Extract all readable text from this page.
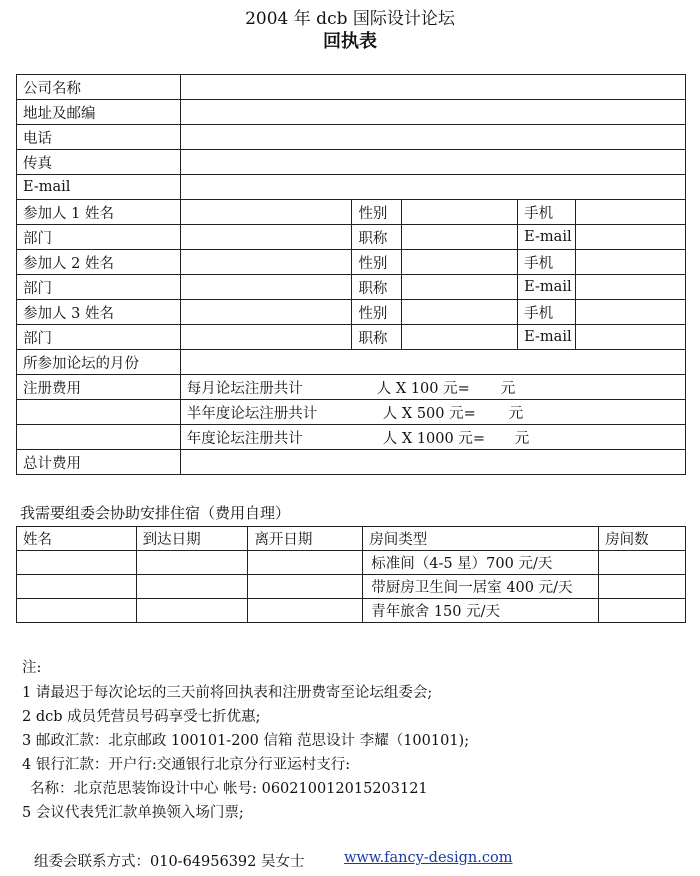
2004 年 dcb 国际设计论坛
回执表
公司名称					
地址及邮编					
电话					
传真					
E-mail					
参加人 1 姓名		性别		手机	
部门		职称		E-mail	
参加人 2 姓名		性别		手机	
部门		职称		E-mail	
参加人 3 姓名		性别		手机	
部门		职称		E-mail	
所参加论坛的月份					
注册费用	每月论坛注册共计 人 X 100 元= 元				

	半年度论坛注册共计 人 X 500 元= 元				

	年度论坛注册共计 人 X 1000 元= 元				

总计费用					
我需要组委会协助安排住宿（费用自理）
姓名	到达日期	离开日期	房间类型	房间数
			标准间（4-5 星）700 元/天	
			带厨房卫生间一居室 400 元/天	
			青年旅舍 150 元/天	
注:
1 请最迟于每次论坛的三天前将回执表和注册费寄至论坛组委会;
2 dcb 成员凭营员号码享受七折优惠;
3 邮政汇款：北京邮政 100101-200 信箱 范思设计 李耀（100101);
4 银行汇款：开户行:交通银行北京分行亚运村支行:
名称：北京范思装饰设计中心 帐号: 0602100120152031​21
5 会议代表凭汇款单换领入场门票;
组委会联系方式：010-64956392 吴女士	www.fancy-design.com
